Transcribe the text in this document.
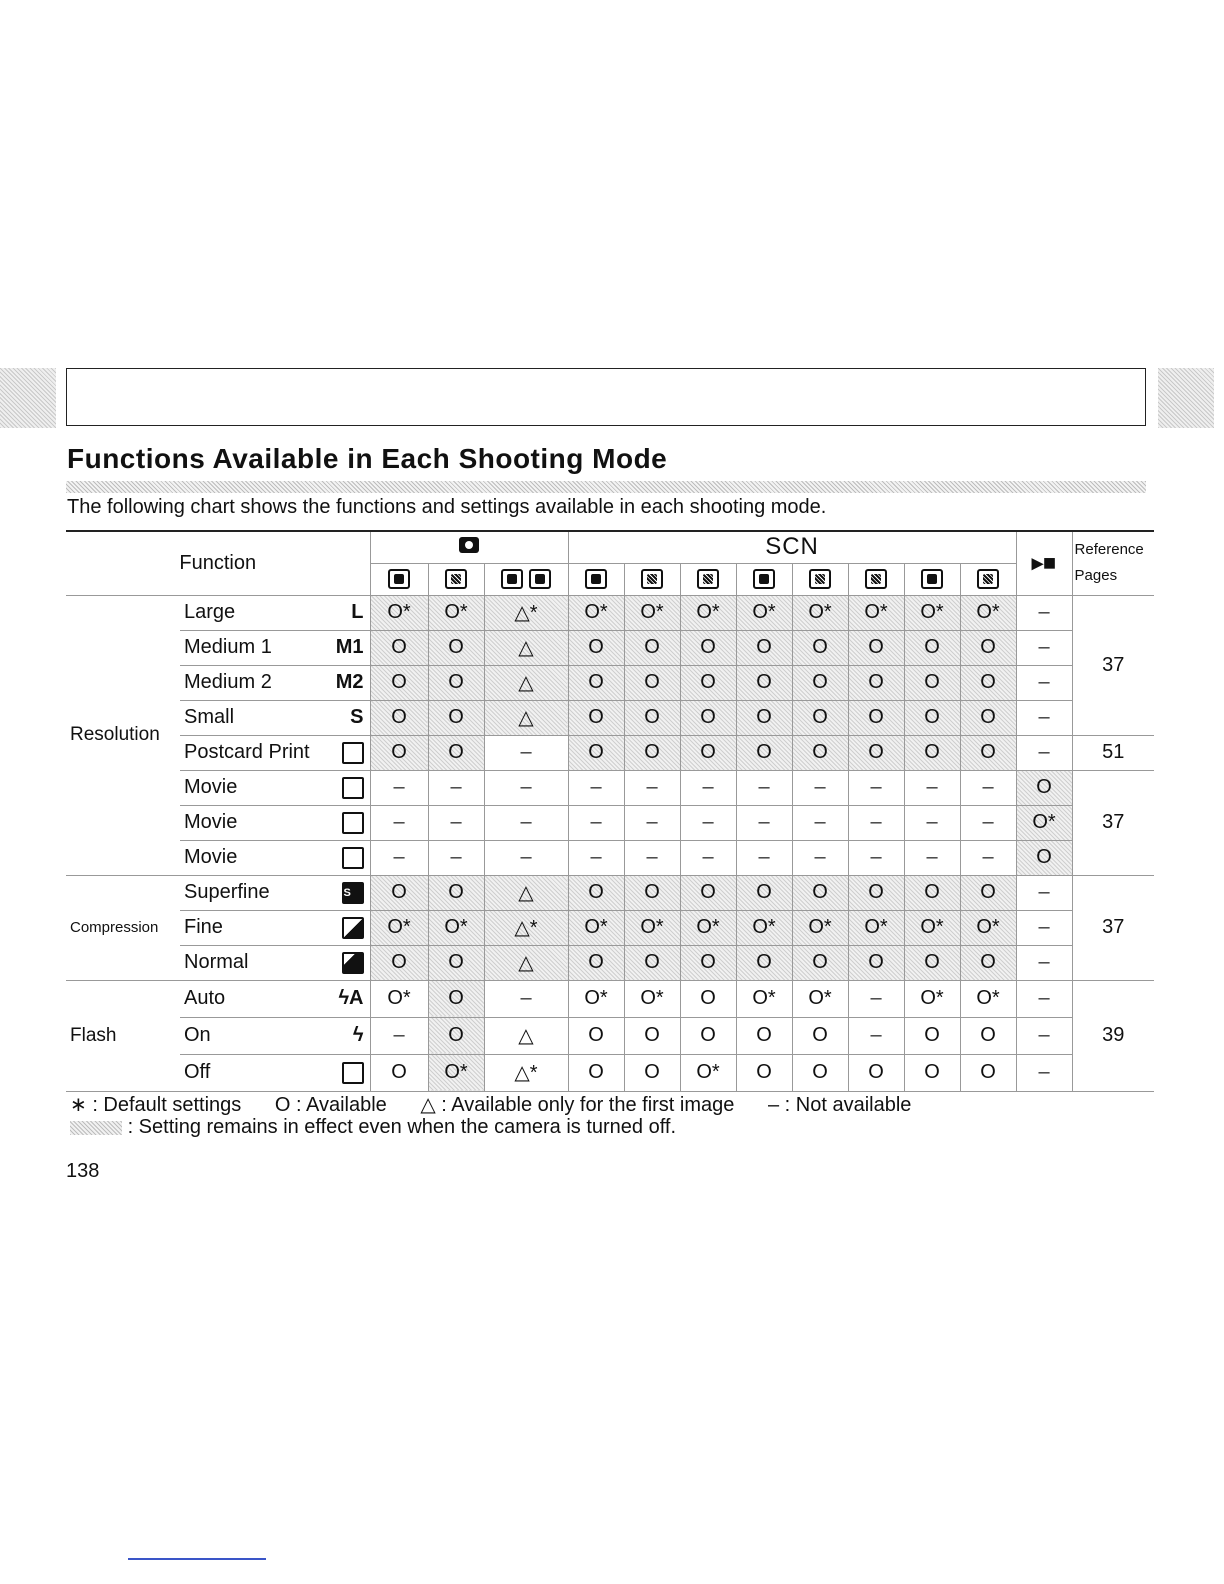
Functions Available in Each Shooting Mode
The following chart shows the functions and settings available in each shooting mode.
Function					SCN								▸■	Reference
Pages

Resolution	Large L	O*	O*	△*	O*	O*	O*	O*	O*	O*	O*	O*	–	37

	Medium 1 M1	O	O	△	O	O	O	O	O	O	O	O	–	

	Medium 2 M2	O	O	△	O	O	O	O	O	O	O	O	–	

	Small S	O	O	△	O	O	O	O	O	O	O	O	–	

	Postcard Print	O	O	–	O	O	O	O	O	O	O	O	–	51

	Movie	–	–	–	–	–	–	–	–	–	–	–	O	37

	Movie	–	–	–	–	–	–	–	–	–	–	–	O*	

	Movie	–	–	–	–	–	–	–	–	–	–	–	O	
Compression	Superfine S	O	O	△	O	O	O	O	O	O	O	O	–	37

	Fine	O*	O*	△*	O*	O*	O*	O*	O*	O*	O*	O*	–	

	Normal	O	O	△	O	O	O	O	O	O	O	O	–	
Flash	Auto ϟA	O*	O	–	O*	O*	O	O*	O*	–	O*	O*	–	39

	On ϟ	–	O	△	O	O	O	O	O	–	O	O	–	

	Off	O	O*	△*	O	O	O*	O	O	O	O	O	–	
∗ : Default settings O : Available △ : Available only for the first image – : Not available
: Setting remains in effect even when the camera is turned off.
138
